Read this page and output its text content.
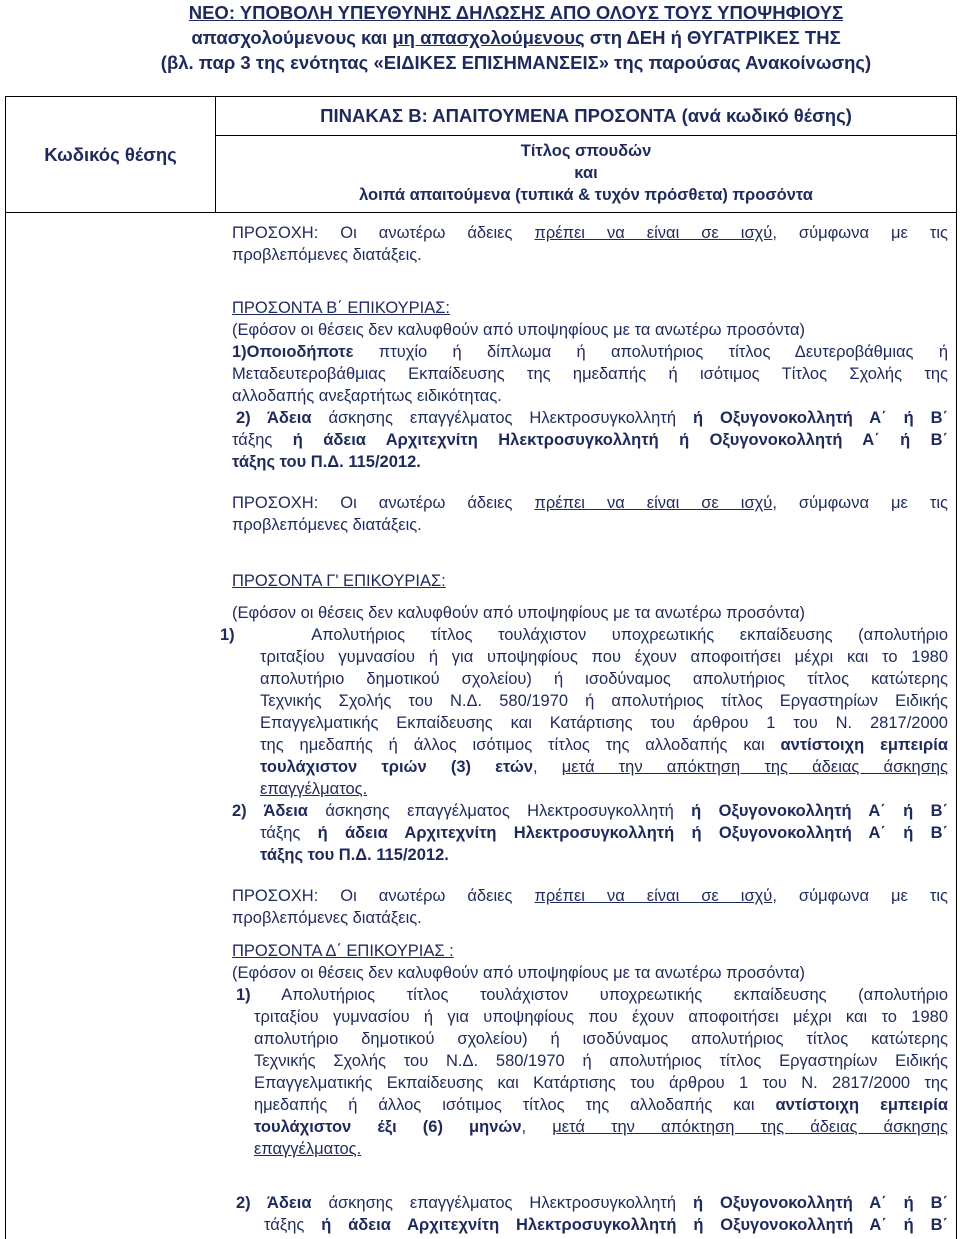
ΝΕΟ: ΥΠΟΒΟΛΗ ΥΠΕΥΘΥΝΗΣ ΔΗΛΩΣΗΣ ΑΠΟ ΟΛΟΥΣ ΤΟΥΣ ΥΠΟΨΗΦΙΟΥΣ
απασχολούμενους και μη απασχολούμενους στη ΔΕΗ ή ΘΥΓΑΤΡΙΚΕΣ ΤΗΣ
(βλ. παρ 3 της ενότητας «ΕΙΔΙΚΕΣ ΕΠΙΣΗΜΑΝΣΕΙΣ» της παρούσας Ανακοίνωσης)
Κωδικός θέσης
ΠΙΝΑΚΑΣ Β: ΑΠΑΙΤΟΥΜΕΝΑ ΠΡΟΣΟΝΤΑ (ανά κωδικό θέσης)
Τίτλος σπουδών
και
λοιπά απαιτούμενα (τυπικά & τυχόν πρόσθετα) προσόντα

ΠΡΟΣΟΧΗ: Οι ανωτέρω άδειες πρέπει να είναι σε ισχύ, σύμφωνα με τις

προβλεπόμενες διατάξεις.

ΠΡΟΣΟΝΤΑ Β΄ ΕΠΙΚΟΥΡΙΑΣ:

(Εφόσον οι θέσεις δεν καλυφθούν από υποψηφίους με τα ανωτέρω προσόντα)

1)Οποιοδήποτε πτυχίο ή δίπλωμα ή απολυτήριος τίτλος Δευτεροβάθμιας ή

Μεταδευτεροβάθμιας Εκπαίδευσης της ημεδαπής ή ισότιμος Τίτλος Σχολής της

αλλοδαπής ανεξαρτήτως ειδικότητας.

2) Άδεια άσκησης επαγγέλματος Ηλεκτροσυγκολλητή ή Οξυγονοκολλητή Α΄ ή Β΄

τάξης ή άδεια Αρχιτεχνίτη Ηλεκτροσυγκολλητή ή Οξυγονοκολλητή Α΄ ή Β΄

τάξης του Π.Δ. 115/2012.

ΠΡΟΣΟΧΗ: Οι ανωτέρω άδειες πρέπει να είναι σε ισχύ, σύμφωνα με τις

προβλεπόμενες διατάξεις.

ΠΡΟΣΟΝΤΑ Γ' ΕΠΙΚΟΥΡΙΑΣ:

(Εφόσον οι θέσεις δεν καλυφθούν από υποψηφίους με τα ανωτέρω προσόντα)

1)	Απολυτήριος τίτλος τουλάχιστον υποχρεωτικής εκπαίδευσης (απολυτήριο

τριταξίου γυμνασίου ή για υποψηφίους που έχουν αποφοιτήσει μέχρι και το 1980

απολυτήριο δημοτικού σχολείου) ή ισοδύναμος απολυτήριος τίτλος κατώτερης

Τεχνικής Σχολής του Ν.Δ. 580/1970 ή απολυτήριος τίτλος Εργαστηρίων Ειδικής

Επαγγελματικής Εκπαίδευσης και Κατάρτισης του άρθρου 1 του Ν. 2817/2000

της ημεδαπής ή άλλος ισότιμος τίτλος της αλλοδαπής και αντίστοιχη εμπειρία

τουλάχιστον τριών (3) ετών, μετά την απόκτηση της άδειας άσκησης

επαγγέλματος.

2) Άδεια άσκησης επαγγέλματος Ηλεκτροσυγκολλητή ή Οξυγονοκολλητή Α΄ ή Β΄

τάξης ή άδεια Αρχιτεχνίτη Ηλεκτροσυγκολλητή ή Οξυγονοκολλητή Α΄ ή Β΄

τάξης του Π.Δ. 115/2012.

ΠΡΟΣΟΧΗ: Οι ανωτέρω άδειες πρέπει να είναι σε ισχύ, σύμφωνα με τις

προβλεπόμενες διατάξεις.

ΠΡΟΣΟΝΤΑ Δ΄ ΕΠΙΚΟΥΡΙΑΣ :

(Εφόσον οι θέσεις δεν καλυφθούν από υποψηφίους με τα ανωτέρω προσόντα)

1) Απολυτήριος τίτλος τουλάχιστον υποχρεωτικής εκπαίδευσης (απολυτήριο

τριταξίου γυμνασίου ή για υποψηφίους που έχουν αποφοιτήσει μέχρι και το 1980

απολυτήριο δημοτικού σχολείου) ή ισοδύναμος απολυτήριος τίτλος κατώτερης

Τεχνικής Σχολής του Ν.Δ. 580/1970 ή απολυτήριος τίτλος Εργαστηρίων Ειδικής

Επαγγελματικής Εκπαίδευσης και Κατάρτισης του άρθρου 1 του Ν. 2817/2000 της

ημεδαπής ή άλλος ισότιμος τίτλος της αλλοδαπής και αντίστοιχη εμπειρία

τουλάχιστον έξι (6) μηνών, μετά την απόκτηση της άδειας άσκησης

επαγγέλματος.

2) Άδεια άσκησης επαγγέλματος Ηλεκτροσυγκολλητή ή Οξυγονοκολλητή Α΄ ή Β΄

τάξης ή άδεια Αρχιτεχνίτη Ηλεκτροσυγκολλητή ή Οξυγονοκολλητή Α΄ ή Β΄
